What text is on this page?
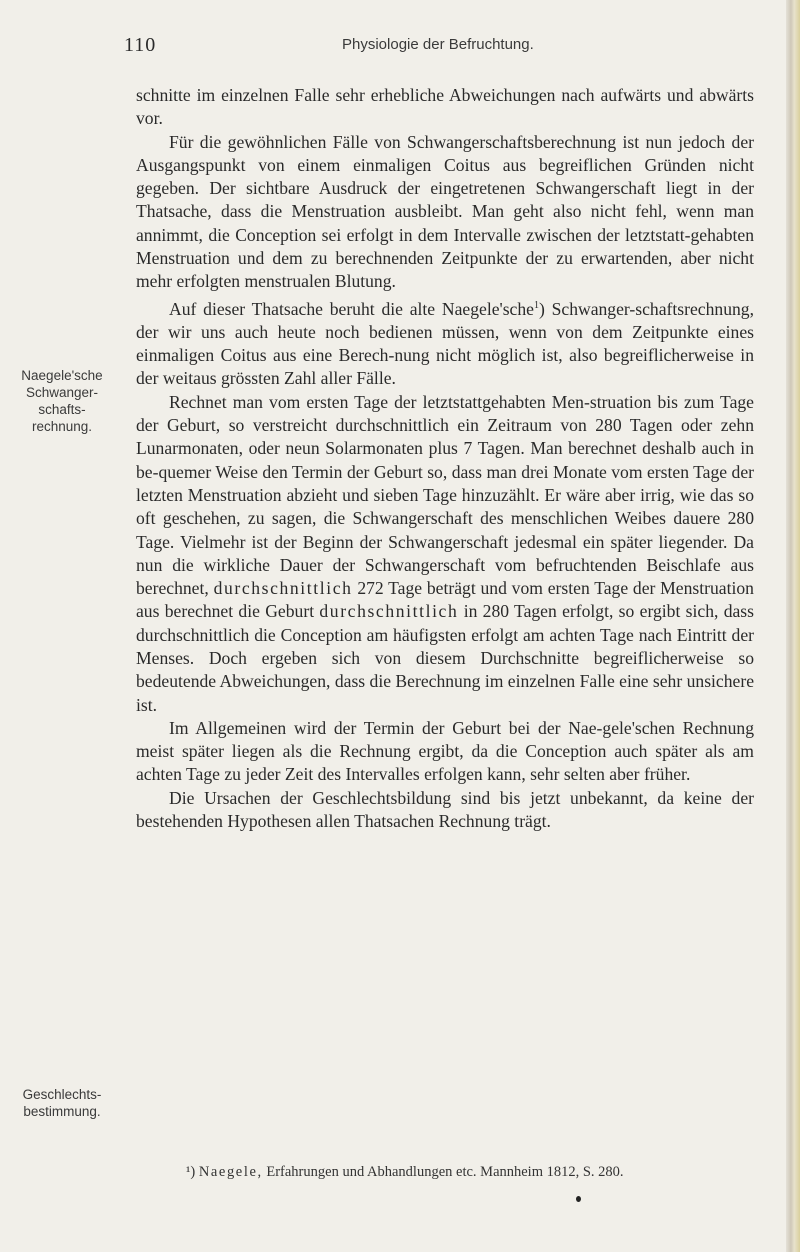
110	Physiologie der Befruchtung.
Naegele'sche
Schwanger-
schafts-
rechnung.
Geschlechts-
bestimmung.

schnitte im einzelnen Falle sehr erhebliche Abweichungen nach aufwärts und abwärts vor.

Für die gewöhnlichen Fälle von Schwangerschaftsberechnung ist nun jedoch der Ausgangspunkt von einem einmaligen Coitus aus begreiflichen Gründen nicht gegeben. Der sichtbare Ausdruck der eingetretenen Schwangerschaft liegt in der Thatsache, dass die Menstruation ausbleibt. Man geht also nicht fehl, wenn man annimmt, die Conception sei erfolgt in dem Intervalle zwischen der letztstatt-gehabten Menstruation und dem zu berechnenden Zeitpunkte der zu erwartenden, aber nicht mehr erfolgten menstrualen Blutung.

Auf dieser Thatsache beruht die alte Naegele'sche$^1$) Schwanger-schaftsrechnung, der wir uns auch heute noch bedienen müssen, wenn von dem Zeitpunkte eines einmaligen Coitus aus eine Berech-nung nicht möglich ist, also begreiflicherweise in der weitaus grössten Zahl aller Fälle.

Rechnet man vom ersten Tage der letztstattgehabten Men-struation bis zum Tage der Geburt, so verstreicht durchschnittlich ein Zeitraum von 280 Tagen oder zehn Lunarmonaten, oder neun Solarmonaten plus 7 Tagen. Man berechnet deshalb auch in be-quemer Weise den Termin der Geburt so, dass man drei Monate vom ersten Tage der letzten Menstruation abzieht und sieben Tage hinzuzählt. Er wäre aber irrig, wie das so oft geschehen, zu sagen, die Schwangerschaft des menschlichen Weibes dauere 280 Tage. Vielmehr ist der Beginn der Schwangerschaft jedesmal ein später liegender. Da nun die wirkliche Dauer der Schwangerschaft vom befruchtenden Beischlafe aus berechnet, durchschnittlich 272 Tage beträgt und vom ersten Tage der Menstruation aus berechnet die Geburt durchschnittlich in 280 Tagen erfolgt, so ergibt sich, dass durchschnittlich die Conception am häufigsten erfolgt am achten Tage nach Eintritt der Menses. Doch ergeben sich von diesem Durchschnitte begreiflicherweise so bedeutende Abweichungen, dass die Berechnung im einzelnen Falle eine sehr unsichere ist.

Im Allgemeinen wird der Termin der Geburt bei der Nae-gele'schen Rechnung meist später liegen als die Rechnung ergibt, da die Conception auch später als am achten Tage zu jeder Zeit des Intervalles erfolgen kann, sehr selten aber früher.

Die Ursachen der Geschlechtsbildung sind bis jetzt unbekannt, da keine der bestehenden Hypothesen allen Thatsachen Rechnung trägt.

¹) Naegele, Erfahrungen und Abhandlungen etc. Mannheim 1812, S. 280.
